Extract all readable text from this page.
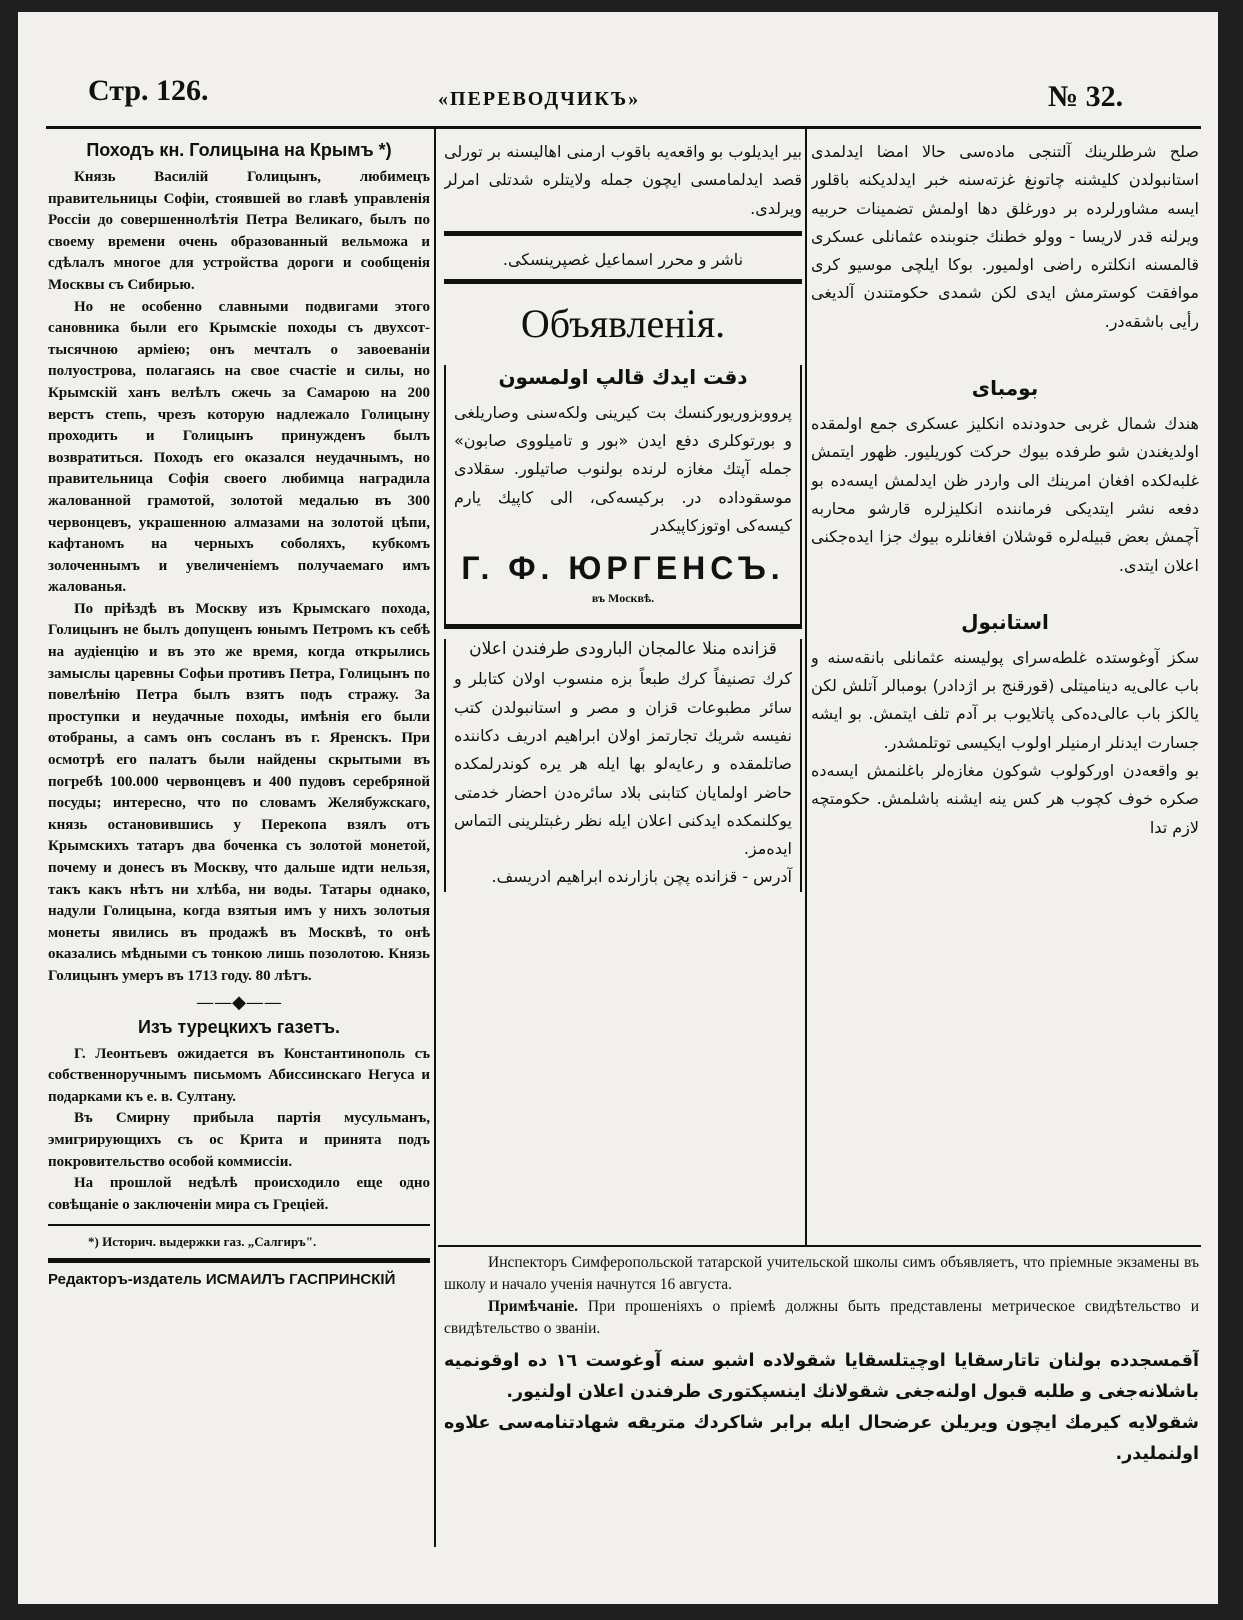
Стр. 126.	«ПЕРЕВОДЧИКЪ»	№ 32.
Походъ кн. Голицына на Крымъ *)

Князь Василій Голицынъ, любимецъ правительницы Софіи, стоявшей во главѣ управленія Россіи до совершеннолѣтія Петра Великаго, былъ по своему времени очень образованный вельможа и сдѣлалъ многое для устройства дороги и сообщенія Москвы съ Сибирью.

Но не особенно славными подвигами этого сановника были его Крымскіе походы съ двухсот-тысячною арміею; онъ мечталъ о завоеваніи полуострова, полагаясь на свое счастіе и силы, но Крымскій ханъ велѣлъ сжечь за Самарою на 200 верстъ степь, чрезъ которую надлежало Голицыну проходить и Голицынъ принужденъ былъ возвратиться. Походъ его оказался неудачнымъ, но правительница Софія своего любимца наградила жалованной грамотой, золотой медалью въ 300 червонцевъ, украшенною алмазами на золотой цѣпи, кафтаномъ на черныхъ соболяхъ, кубкомъ золоченнымъ и увеличеніемъ получаемаго имъ жалованья.

По пріѣздѣ въ Москву изъ Крымскаго похода, Голицынъ не былъ допущенъ юнымъ Петромъ къ себѣ на аудіенцію и въ это же время, когда открылись замыслы царевны Софьи противъ Петра, Голицынъ по повелѣнію Петра былъ взятъ подъ стражу. За проступки и неудачные походы, имѣнія его были отобраны, а самъ онъ сосланъ въ г. Яренскъ. При осмотрѣ его палатъ были найдены скрытыми въ погребѣ 100.000 червонцевъ и 400 пудовъ серебряной посуды; интересно, что по словамъ Желябужскаго, князь остановившись у Перекопа взялъ отъ Крымскихъ татаръ два боченка съ золотой монетой, почему и донесъ въ Москву, что дальше идти нельзя, такъ какъ нѣтъ ни хлѣба, ни воды. Татары однако, надули Голицына, когда взятыя имъ у нихъ золотыя монеты явились въ продажѣ въ Москвѣ, то онѣ оказались мѣдными съ тонкою лишь позолотою. Князь Голицынъ умеръ въ 1713 году. 80 лѣтъ.

——◆——
Изъ турецкихъ газетъ.

Г. Леонтьевъ ожидается въ Константинополь съ собственноручнымъ письмомъ Абиссинскаго Негуса и подарками къ е. в. Султану.

Въ Смирну прибыла партія мусульманъ, эмигрирующихъ съ ос Крита и принята подъ покровительство особой коммиссіи.

На прошлой недѣлѣ происходило еще одно совѣщаніе о заключеніи мира съ Греціей.

*) Историч. выдержки газ. „Салгиръ".
Редакторъ-издатель ИСМАИЛЪ ГАСПРИНСКІЙ

بير ايدیلوب بو واقعه‌يه باقوب ارمنی اهاليسنه بر تورلی قصد ايدلمامسی ايچون جمله ولايتلره شدتلی امرلر ويرلدی.

ناشر و محرر اسماعيل غصپرينسكی.
Объявленія.
دقت ايدك قالپ اولمسون

پرووبزوريوركنسك بت كيرينی ولكه‌سنی وصاريلغی و بورتوكلری دفع ايدن «بور و تاميلووی صابون» جمله آپتك مغازه لرنده بولنوب صاتيلور. سقلادی موسقوداده در. بركيسه‌كی، الی كاپيك يارم كيسه‌كی اوتوزكاپيكدر

Г. Ф. ЮРГЕНСЪ.
въ Москвѣ.
قزانده منلا عالمجان البارودی طرفندن اعلان

كرك تصنيفاً كرك طبعاً بزه منسوب اولان كتابلر و سائر مطبوعات قزان و مصر و استانبولدن كتب نفيسه شريك تجارتمز اولان ابراهيم ادريف دكاننده صاتلمقده و رعايه‌لو بها ايله هر يره كوندرلمكده حاضر اولمايان كتابنی بلاد سائره‌دن احضار خدمتی يوكلنمكده ايدكنی اعلان ايله نظر رغبتلرينی التماس ايده‌مز.

آدرس - قزانده پچن بازارنده ابراهيم ادريسف.

صلح شرطلرينك آلتنجی ماده‌سی حالا امضا ايدلمدی استانبولدن كليشنه چاتونغ غزته‌سنه خبر ايدلديكنه باقلور ايسه مشاورلرده بر دورغلق دها اولمش تضمينات حربيه ويرلنه قدر لاريسا - وولو خطنك جنوبنده عثمانلی عسكری قالمسنه انكلتره راضی اولميور. بوكا ايلچی موسيو كرى موافقت كوسترمش ايدی لكن شمدی حكومتندن آلديغی رأيی باشقه‌در.

بومبای

هندك شمال غربی حدودنده انكليز عسكری جمع اولمقده اولديغندن شو طرفده بيوك حركت كوريليور. ظهور ايتمش غلبه‌لكده افغان امرينك الی واردر ظن ايدلمش ايسه‌ده بو دفعه نشر ايتديكی فرماننده انكليزلره قارشو محاربه آچمش بعض قبيله‌لره قوشلان افغانلره بيوك جزا ايده‌جكنی اعلان ايتدی.

استانبول

سكز آوغوستده غلطه‌سرای پوليسنه عثمانلی بانقه‌سنه و باب عالی‌يه ديناميتلی (قورقنج بر اژدادر) بومبالر آتلش لكن يالكز باب عالی‌ده‌كی پاتلايوب بر آدم تلف ايتمش. بو ايشه جسارت ايدنلر ارمنيلر اولوب ايكيسی توتلمشدر.

بو واقعه‌دن اوركولوب شوكون مغازه‌لر باغلنمش ايسه‌ده صكره خوف كچوب هر كس ينه ايشنه باشلمش. حكومتچه لازم تدا

Инспекторъ Симферопольской татарской учительской школы симъ объявляетъ, что пріемные экзамены въ школу и начало ученія начнутся 16 августа.

Примѣчаніе. При прошеніяхъ о пріемѣ должны быть представлены метрическое свидѣтельство и свидѣтельство о званіи.

آقمسجدده بولنان تاتارسقايا اوچيتلسقايا شقولاده اشبو سنه آوغوست ١٦ ده اوقونميه باشلانه‌جغی و طلبه قبول اولنه‌جغی شقولانك اينسپكتوری طرفندن اعلان اولنيور.

شقولايه كيرمك ايچون ويريلن عرضحال ايله برابر شاكردك متريقه شهادتنامه‌سی علاوه اولنمليدر.
